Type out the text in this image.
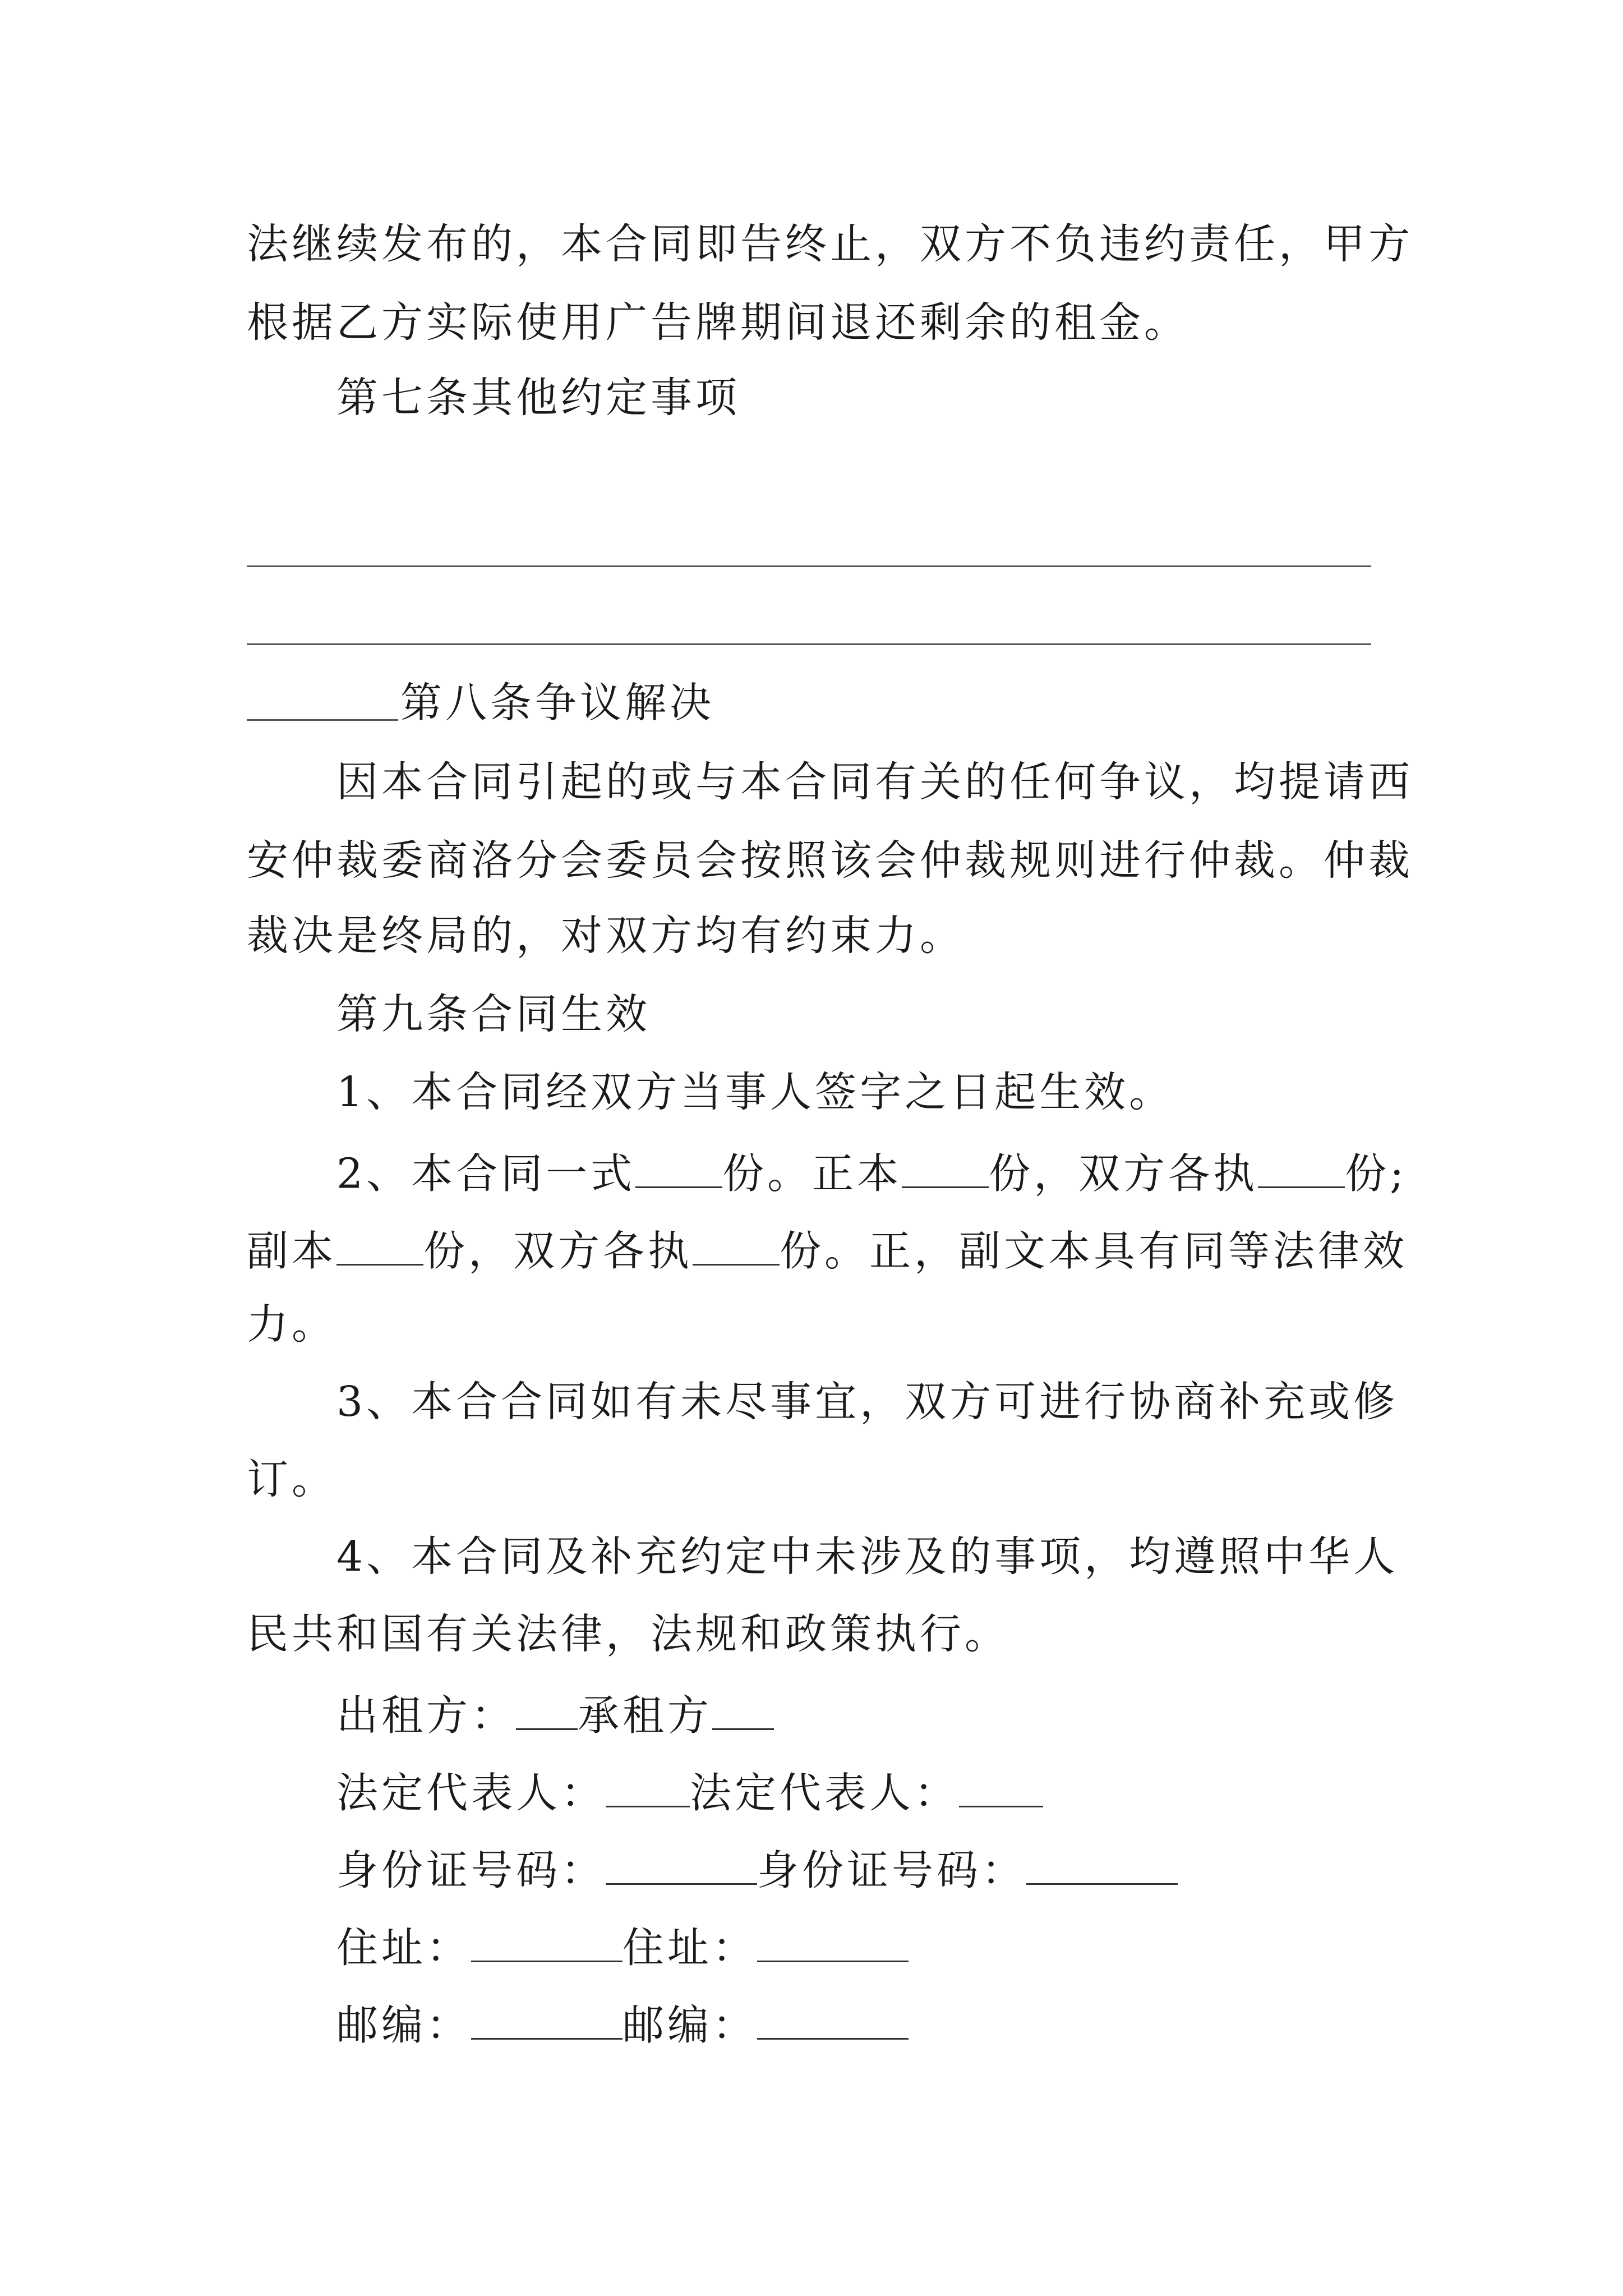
法继续发布的，本合同即告终止，双方不负违约责任，甲方
根据乙方实际使用广告牌期间退还剩余的租金。
第七条其他约定事项
第八条争议解决
因本合同引起的或与本合同有关的任何争议，均提请西
安仲裁委商洛分会委员会按照该会仲裁规则进行仲裁。仲裁
裁决是终局的，对双方均有约束力。
第九条合同生效
1、本合同经双方当事人签字之日起生效。
2、本合同一式 份。正本 份，双方各执 份;
副本 份，双方各执 份。正，副文本具有同等法律效
力。
3、本合合同如有未尽事宜，双方可进行协商补充或修
订。
4、本合同及补充约定中未涉及的事项，均遵照中华人
民共和国有关法律，法规和政策执行。
出租方： 承租方
法定代表人： 法定代表人：
身份证号码：	身份证号码：
住址：	住址：
邮编：	邮编：
